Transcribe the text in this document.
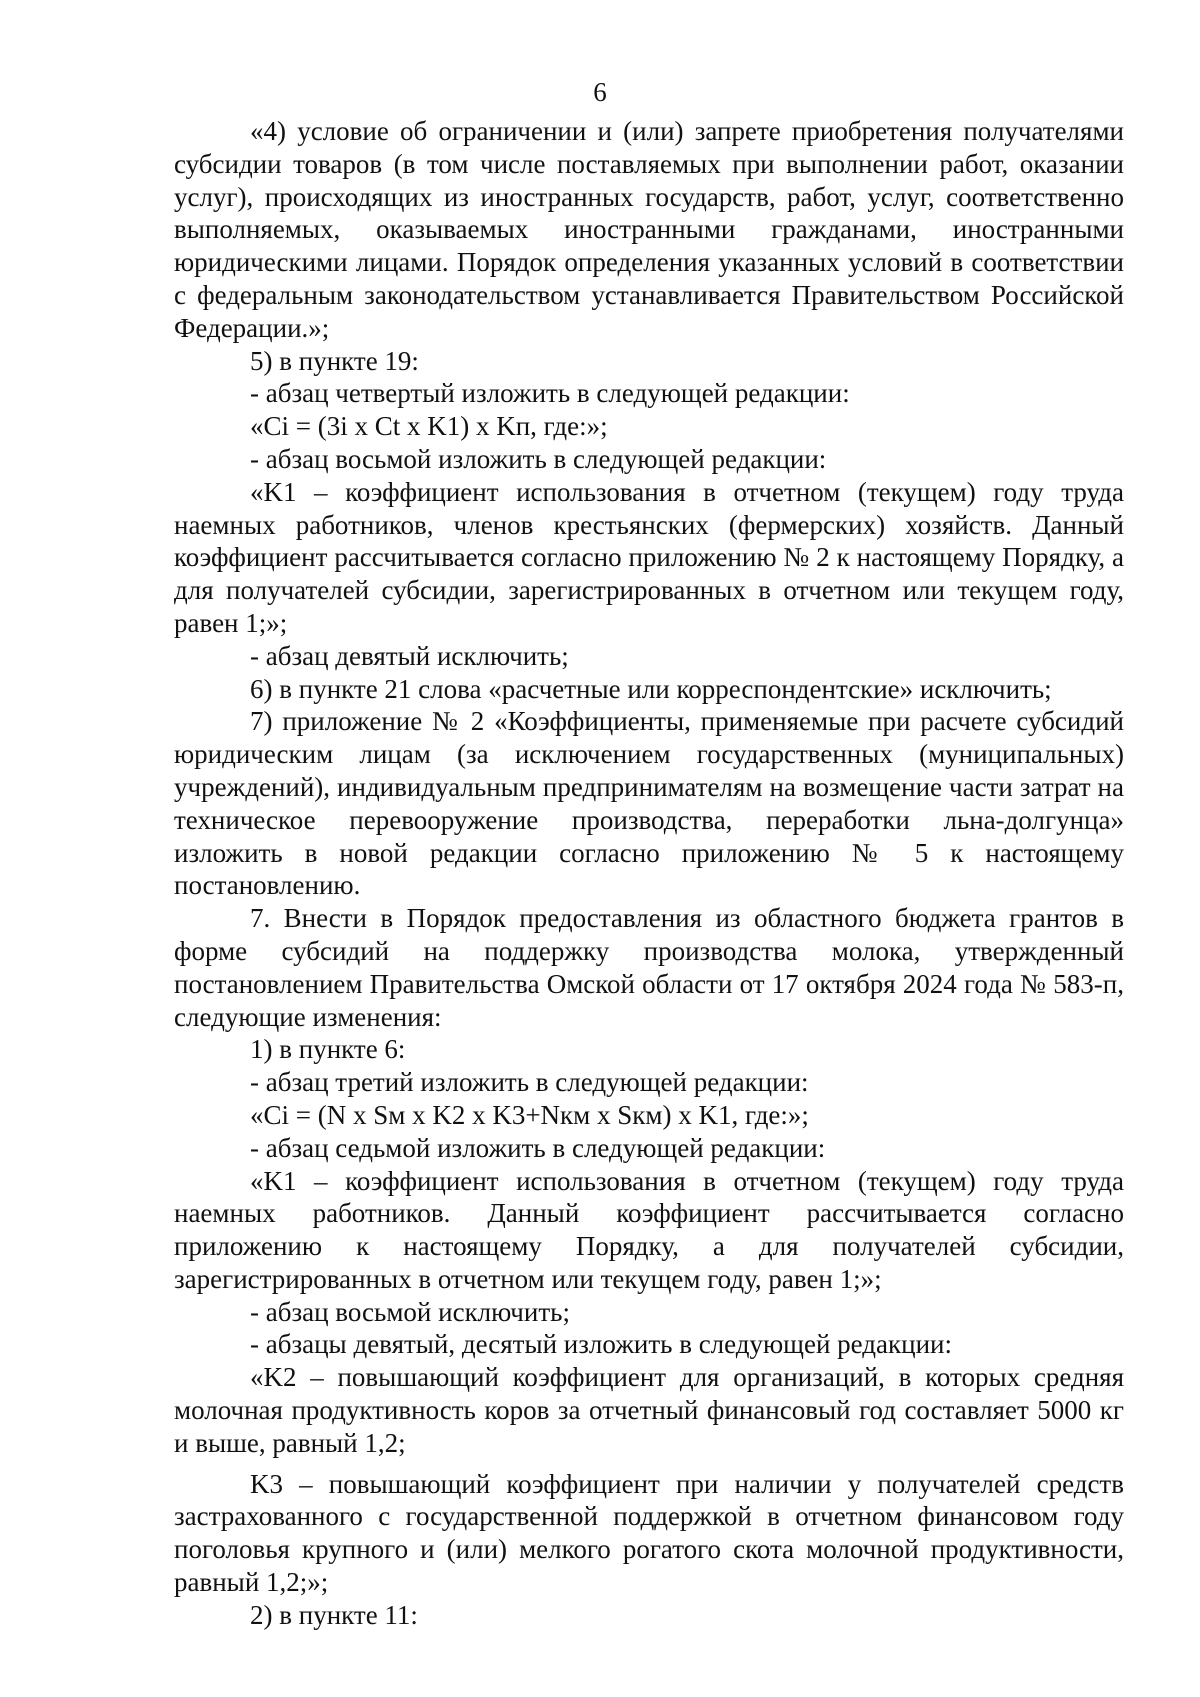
6

«4) условие об ограничении и (или) запрете приобретения получателями субсидии товаров (в том числе поставляемых при выполнении работ, оказании услуг), происходящих из иностранных государств, работ, услуг, соответственно выполняемых, оказываемых иностранными гражданами, иностранными юридическими лицами. Порядок определения указанных условий в соответствии с федеральным законодательством устанавливается Правительством Российской Федерации.»;

5) в пункте 19:

- абзац четвертый изложить в следующей редакции:

«Ci = (3i x Ct x K1) x Kп, где:»;

- абзац восьмой изложить в следующей редакции:

«K1 – коэффициент использования в отчетном (текущем) году труда наемных работников, членов крестьянских (фермерских) хозяйств. Данный коэффициент рассчитывается согласно приложению № 2 к настоящему Порядку, а для получателей субсидии, зарегистрированных в отчетном или текущем году, равен 1;»;

- абзац девятый исключить;

6) в пункте 21 слова «расчетные или корреспондентские» исключить;

7) приложение № 2 «Коэффициенты, применяемые при расчете субсидий юридическим лицам (за исключением государственных (муниципальных) учреждений), индивидуальным предпринимателям на возмещение части затрат на техническое перевооружение производства, переработки льна-долгунца» изложить в новой редакции согласно приложению № 5 к настоящему постановлению.

7. Внести в Порядок предоставления из областного бюджета грантов в форме субсидий на поддержку производства молока, утвержденный постановлением Правительства Омской области от 17 октября 2024 года № 583-п, следующие изменения:

1) в пункте 6:

- абзац третий изложить в следующей редакции:

«Ci = (N x Sм x K2 x K3+Nкм x Sкм) x K1, где:»;

- абзац седьмой изложить в следующей редакции:

«K1 – коэффициент использования в отчетном (текущем) году труда наемных работников. Данный коэффициент рассчитывается согласно приложению к настоящему Порядку, а для получателей субсидии, зарегистрированных в отчетном или текущем году, равен 1;»;

- абзац восьмой исключить;

- абзацы девятый, десятый изложить в следующей редакции:

«K2 – повышающий коэффициент для организаций, в которых средняя молочная продуктивность коров за отчетный финансовый год составляет 5000 кг и выше, равный 1,2;

K3 – повышающий коэффициент при наличии у получателей средств застрахованного с государственной поддержкой в отчетном финансовом году поголовья крупного и (или) мелкого рогатого скота молочной продуктивности, равный 1,2;»;

2) в пункте 11:
